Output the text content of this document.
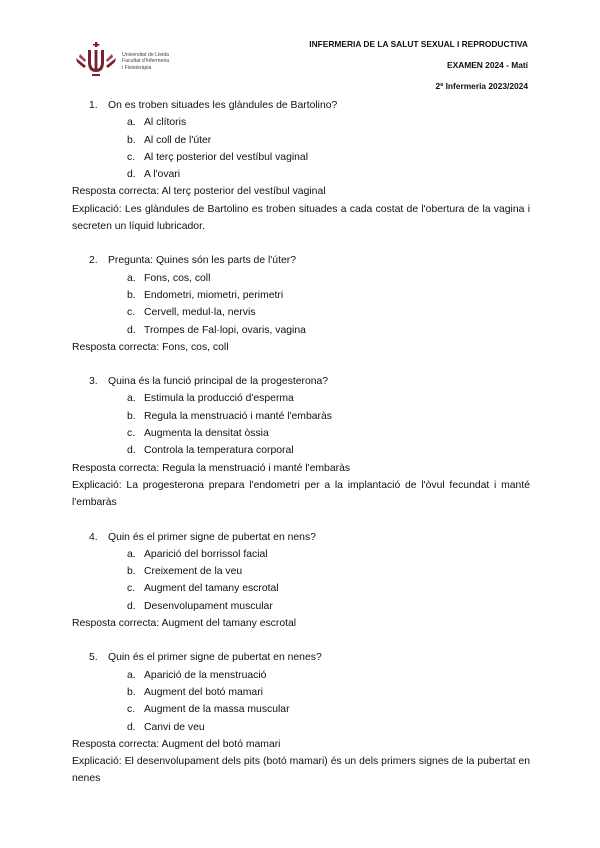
Universitat de Lleida
Facultat d'Infermeria
i Fisioteràpia
INFERMERIA DE LA SALUT SEXUAL I REPRODUCTIVA
EXAMEN 2024 - Matí
2º Infermeria 2023/2024

1. On es troben situades les glàndules de Bartolino?

a. Al clítoris
b. Al coll de l'úter
c. Al terç posterior del vestíbul vaginal
d. A l'ovari

Resposta correcta: Al terç posterior del vestíbul vaginal

Explicació: Les glàndules de Bartolino es troben situades a cada costat de l'obertura de la vagina i secreten un líquid lubricador.

2. Pregunta: Quines són les parts de l'úter?

a. Fons, cos, coll
b. Endometri, miometri, perimetri
c. Cervell, medul·la, nervis
d. Trompes de Fal·lopi, ovaris, vagina

Resposta correcta: Fons, cos, coll

3. Quina és la funció principal de la progesterona?

a. Estimula la producció d'esperma
b. Regula la menstruació i manté l'embaràs
c. Augmenta la densitat òssia
d. Controla la temperatura corporal

Resposta correcta: Regula la menstruació i manté l'embaràs

Explicació: La progesterona prepara l'endometri per a la implantació de l'òvul fecundat i manté l'embaràs

4. Quin és el primer signe de pubertat en nens?

a. Aparició del borrissol facial
b. Creixement de la veu
c. Augment del tamany escrotal
d. Desenvolupament muscular

Resposta correcta: Augment del tamany escrotal

5. Quin és el primer signe de pubertat en nenes?

a. Aparició de la menstruació
b. Augment del botó mamari
c. Augment de la massa muscular
d. Canvi de veu

Resposta correcta: Augment del botó mamari

Explicació: El desenvolupament dels pits (botó mamari) és un dels primers signes de la pubertat en nenes
